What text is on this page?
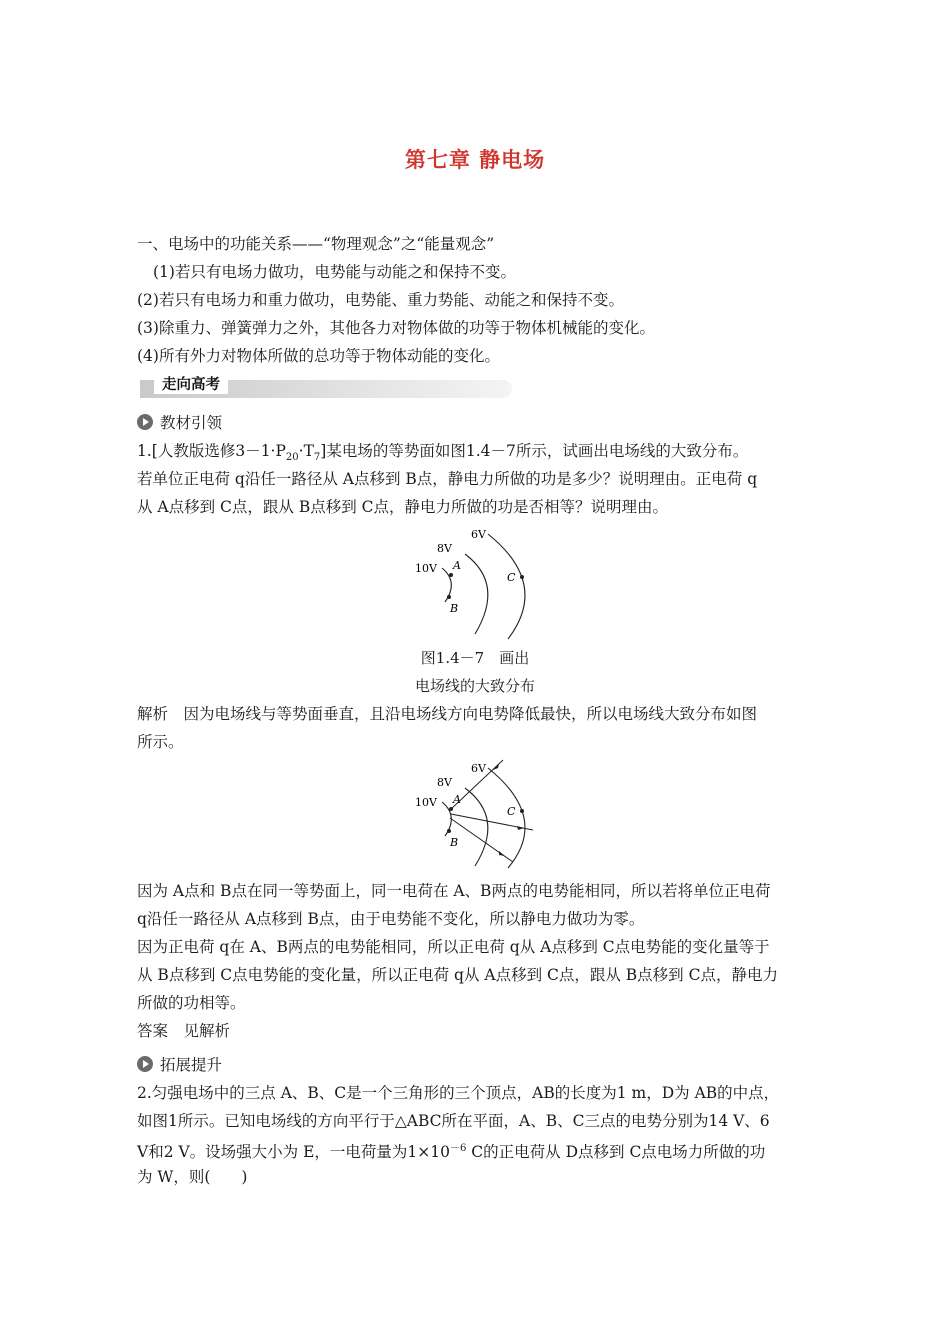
第七章 静电场
一、电场中的功能关系——“物理观念”之“能量观念”
(1)若只有电场力做功，电势能与动能之和保持不变。
(2)若只有电场力和重力做功，电势能、重力势能、动能之和保持不变。
(3)除重力、弹簧弹力之外，其他各力对物体做的功等于物体机械能的变化。
(4)所有外力对物体所做的总功等于物体动能的变化。
走向高考
教材引领
1.[人教版选修$3-1\cdot P_{20}\cdot T_7$]某电场的等势面如图1.4－7所示，试画出电场线的大致分布。
若单位正电荷 q沿任一路径从 A点移到 B点，静电力所做的功是多少？说明理由。正电荷 q
从 A点移到 C点，跟从 B点移到 C点，静电力所做的功是否相等？说明理由。
6V
8V
10V A
B
C
图1.4－7　画出
电场线的大致分布
解析　因为电场线与等势面垂直，且沿电场线方向电势降低最快，所以电场线大致分布如图
所示。
6V
8V
10V A
B
C
因为 A点和 B点在同一等势面上，同一电荷在 A、B两点的电势能相同，所以若将单位正电荷
q沿任一路径从 A点移到 B点，由于电势能不变化，所以静电力做功为零。
因为正电荷 q在 A、B两点的电势能相同，所以正电荷 q从 A点移到 C点电势能的变化量等于
从 B点移到 C点电势能的变化量，所以正电荷 q从 A点移到 C点，跟从 B点移到 C点，静电力
所做的功相等。
答案　见解析
拓展提升
2.匀强电场中的三点 A、B、C是一个三角形的三个顶点，AB的长度为1 m，D为 AB的中点，
如图1所示。已知电场线的方向平行于△ABC所在平面，A、B、C三点的电势分别为14 V、6
V和2 V。设场强大小为 E，一电荷量为$1\times 10^{-6}$ C的正电荷从 D点移到 C点电场力所做的功
为 W，则(　　)
